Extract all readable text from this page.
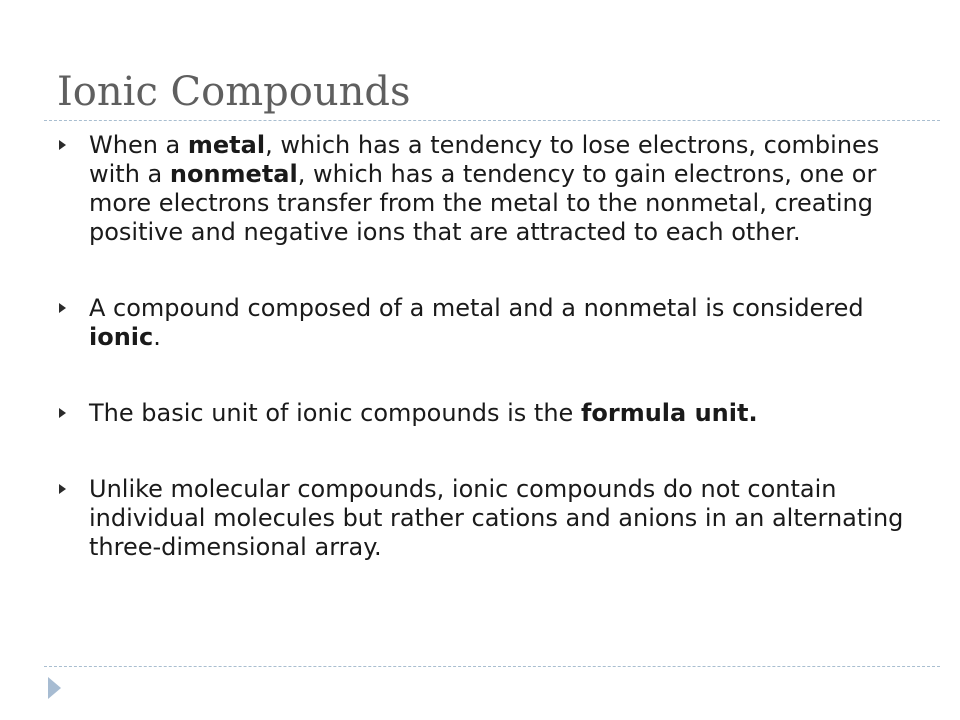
Ionic Compounds

When a metal, which has a tendency to lose electrons, combines with a nonmetal, which has a tendency to gain electrons, one or more electrons transfer from the metal to the nonmetal, creating positive and negative ions that are attracted to each other.

A compound composed of a metal and a nonmetal is considered ionic.

The basic unit of ionic compounds is the formula unit.

Unlike molecular compounds, ionic compounds do not contain individual molecules but rather cations and anions in an alternating three-dimensional array.
